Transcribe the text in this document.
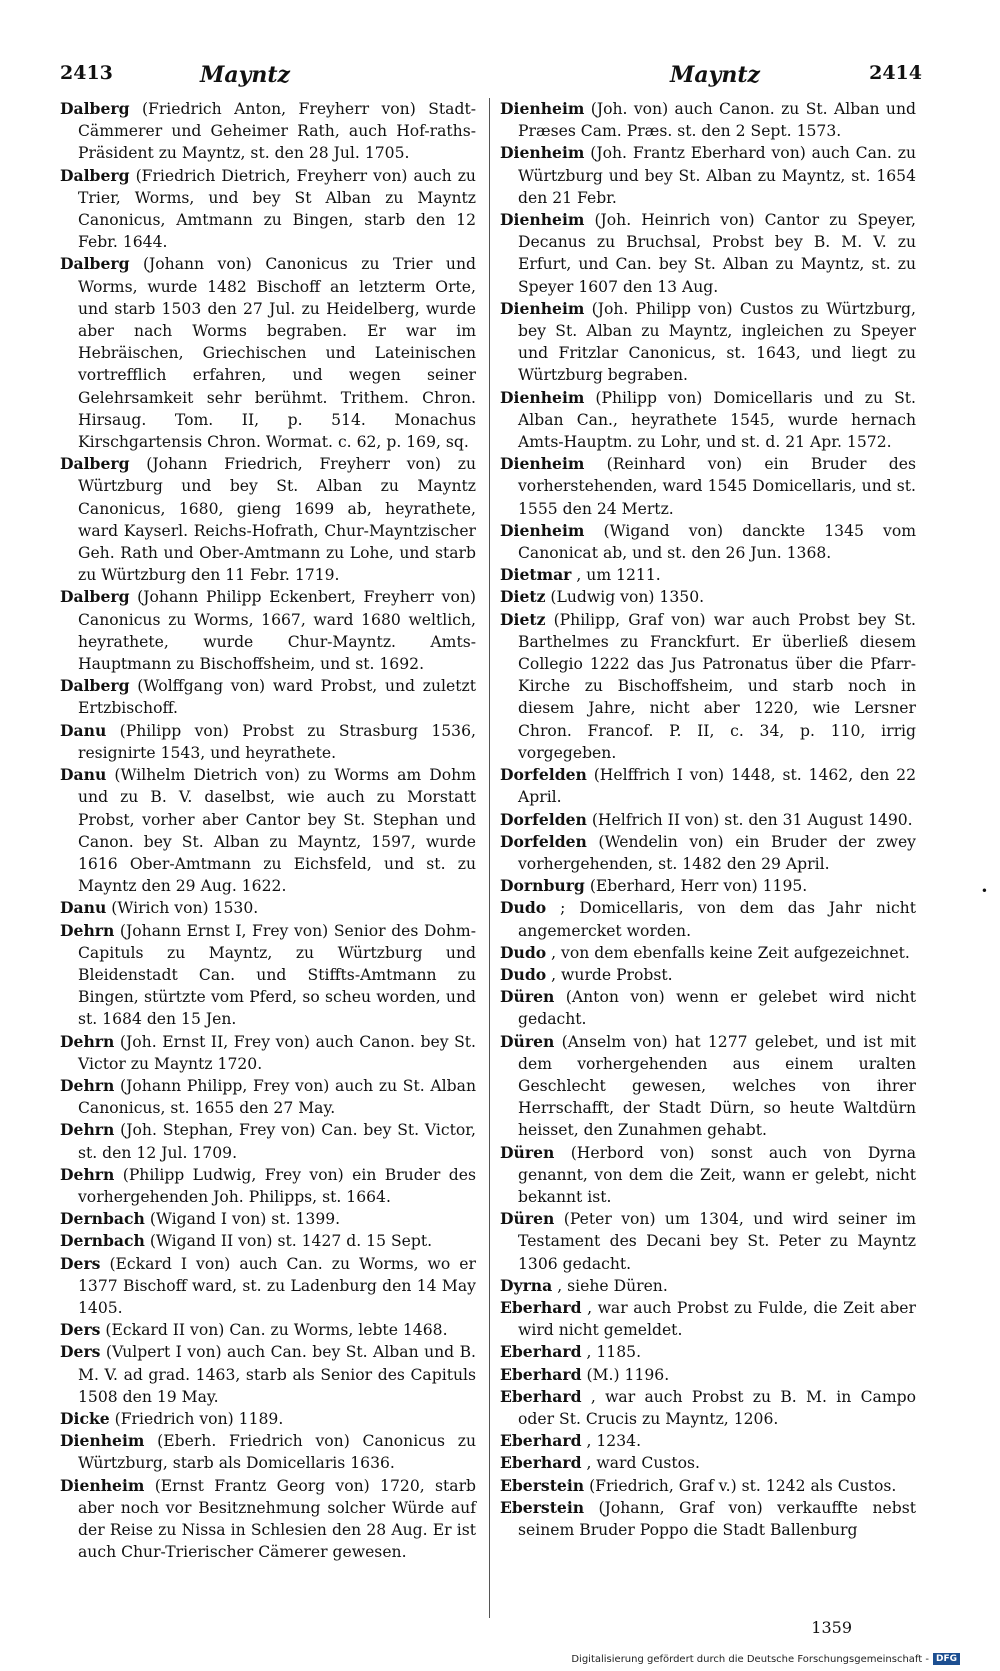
2413	Mayntz	Mayntz	2414

Dalberg (Friedrich Anton, Freyherr von) Stadt-Cämmerer und Geheimer Rath, auch Hof-raths-Präsident zu Mayntz, st. den 28 Jul. 1705.

Dalberg (Friedrich Dietrich, Freyherr von) auch zu Trier, Worms, und bey St Alban zu Mayntz Canonicus, Amtmann zu Bingen, starb den 12 Febr. 1644.

Dalberg (Johann von) Canonicus zu Trier und Worms, wurde 1482 Bischoff an letzterm Orte, und starb 1503 den 27 Jul. zu Heidelberg, wurde aber nach Worms begraben. Er war im Hebräischen, Griechischen und Lateinischen vortrefflich erfahren, und wegen seiner Gelehrsamkeit sehr berühmt. Trithem. Chron. Hirsaug. Tom. II, p. 514. Monachus Kirschgartensis Chron. Wormat. c. 62, p. 169, sq.

Dalberg (Johann Friedrich, Freyherr von) zu Würtzburg und bey St. Alban zu Mayntz Canonicus, 1680, gieng 1699 ab, heyrathete, ward Kayserl. Reichs-Hofrath, Chur-Mayntzischer Geh. Rath und Ober-Amtmann zu Lohe, und starb zu Würtzburg den 11 Febr. 1719.

Dalberg (Johann Philipp Eckenbert, Freyherr von) Canonicus zu Worms, 1667, ward 1680 weltlich, heyrathete, wurde Chur-Mayntz. Amts-Hauptmann zu Bischoffsheim, und st. 1692.

Dalberg (Wolffgang von) ward Probst, und zuletzt Ertzbischoff.

Danu (Philipp von) Probst zu Strasburg 1536, resignirte 1543, und heyrathete.

Danu (Wilhelm Dietrich von) zu Worms am Dohm und zu B. V. daselbst, wie auch zu Morstatt Probst, vorher aber Cantor bey St. Stephan und Canon. bey St. Alban zu Mayntz, 1597, wurde 1616 Ober-Amtmann zu Eichsfeld, und st. zu Mayntz den 29 Aug. 1622.

Danu (Wirich von) 1530.

Dehrn (Johann Ernst I, Frey von) Senior des Dohm-Capituls zu Mayntz, zu Würtzburg und Bleidenstadt Can. und Stiffts-Amtmann zu Bingen, stürtzte vom Pferd, so scheu worden, und st. 1684 den 15 Jen.

Dehrn (Joh. Ernst II, Frey von) auch Canon. bey St. Victor zu Mayntz 1720.

Dehrn (Johann Philipp, Frey von) auch zu St. Alban Canonicus, st. 1655 den 27 May.

Dehrn (Joh. Stephan, Frey von) Can. bey St. Victor, st. den 12 Jul. 1709.

Dehrn (Philipp Ludwig, Frey von) ein Bruder des vorhergehenden Joh. Philipps, st. 1664.

Dernbach (Wigand I von) st. 1399.

Dernbach (Wigand II von) st. 1427 d. 15 Sept.

Ders (Eckard I von) auch Can. zu Worms, wo er 1377 Bischoff ward, st. zu Ladenburg den 14 May 1405.

Ders (Eckard II von) Can. zu Worms, lebte 1468.

Ders (Vulpert I von) auch Can. bey St. Alban und B. M. V. ad grad. 1463, starb als Senior des Capituls 1508 den 19 May.

Dicke (Friedrich von) 1189.

Dienheim (Eberh. Friedrich von) Canonicus zu Würtzburg, starb als Domicellaris 1636.

Dienheim (Ernst Frantz Georg von) 1720, starb aber noch vor Besitznehmung solcher Würde auf der Reise zu Nissa in Schlesien den 28 Aug. Er ist auch Chur-Trierischer Cämerer gewesen.

Dienheim (Joh. von) auch Canon. zu St. Alban und Præses Cam. Præs. st. den 2 Sept. 1573.

Dienheim (Joh. Frantz Eberhard von) auch Can. zu Würtzburg und bey St. Alban zu Mayntz, st. 1654 den 21 Febr.

Dienheim (Joh. Heinrich von) Cantor zu Speyer, Decanus zu Bruchsal, Probst bey B. M. V. zu Erfurt, und Can. bey St. Alban zu Mayntz, st. zu Speyer 1607 den 13 Aug.

Dienheim (Joh. Philipp von) Custos zu Würtzburg, bey St. Alban zu Mayntz, ingleichen zu Speyer und Fritzlar Canonicus, st. 1643, und liegt zu Würtzburg begraben.

Dienheim (Philipp von) Domicellaris und zu St. Alban Can., heyrathete 1545, wurde hernach Amts-Hauptm. zu Lohr, und st. d. 21 Apr. 1572.

Dienheim (Reinhard von) ein Bruder des vorherstehenden, ward 1545 Domicellaris, und st. 1555 den 24 Mertz.

Dienheim (Wigand von) danckte 1345 vom Canonicat ab, und st. den 26 Jun. 1368.

Dietmar , um 1211.

Dietz (Ludwig von) 1350.

Dietz (Philipp, Graf von) war auch Probst bey St. Barthelmes zu Franckfurt. Er überließ diesem Collegio 1222 das Jus Patronatus über die Pfarr-Kirche zu Bischoffsheim, und starb noch in diesem Jahre, nicht aber 1220, wie Lersner Chron. Francof. P. II, c. 34, p. 110, irrig vorgegeben.

Dorfelden (Helffrich I von) 1448, st. 1462, den 22 April.

Dorfelden (Helfrich II von) st. den 31 August 1490.

Dorfelden (Wendelin von) ein Bruder der zwey vorhergehenden, st. 1482 den 29 April.

Dornburg (Eberhard, Herr von) 1195.

Dudo ; Domicellaris, von dem das Jahr nicht angemercket worden.

Dudo , von dem ebenfalls keine Zeit aufgezeichnet.

Dudo , wurde Probst.

Düren (Anton von) wenn er gelebet wird nicht gedacht.

Düren (Anselm von) hat 1277 gelebet, und ist mit dem vorhergehenden aus einem uralten Geschlecht gewesen, welches von ihrer Herrschafft, der Stadt Dürn, so heute Waltdürn heisset, den Zunahmen gehabt.

Düren (Herbord von) sonst auch von Dyrna genannt, von dem die Zeit, wann er gelebt, nicht bekannt ist.

Düren (Peter von) um 1304, und wird seiner im Testament des Decani bey St. Peter zu Mayntz 1306 gedacht.

Dyrna , siehe Düren.

Eberhard , war auch Probst zu Fulde, die Zeit aber wird nicht gemeldet.

Eberhard , 1185.

Eberhard (M.) 1196.

Eberhard , war auch Probst zu B. M. in Campo oder St. Crucis zu Mayntz, 1206.

Eberhard , 1234.

Eberhard , ward Custos.

Eberstein (Friedrich, Graf v.) st. 1242 als Custos.

Eberstein (Johann, Graf von) verkauffte nebst seinem Bruder Poppo die Stadt Ballenburg

1359
•
Digitalisierung gefördert durch die Deutsche Forschungsgemeinschaft - DFG
